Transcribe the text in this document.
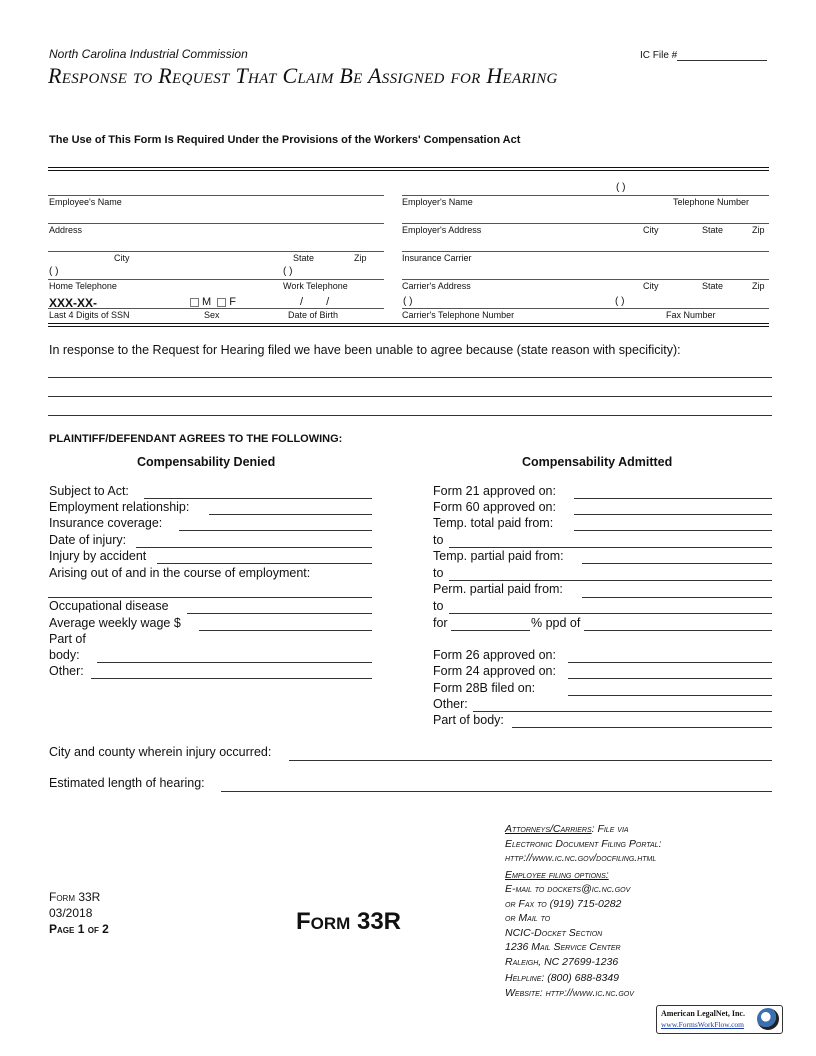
North Carolina Industrial Commission
Response to Request That Claim Be Assigned for Hearing
IC File #
The Use of This Form Is Required Under the Provisions of the Workers' Compensation Act
Employee's Name
Address
City	State	Zip
( )	( )
Home Telephone	Work Telephone
XXX-XX-	M F	/ /
Last 4 Digits of SSN	Sex	Date of Birth
( )
Employer's Name	Telephone Number
Employer's Address	City	State	Zip
Insurance Carrier
Carrier's Address	City	State	Zip
( )	( )
Carrier's Telephone Number	Fax Number
In response to the Request for Hearing filed we have been unable to agree because (state reason with specificity):
PLAINTIFF/DEFENDANT AGREES TO THE FOLLOWING:
Compensability Denied	Compensability Admitted
Subject to Act:
Employment relationship:
Insurance coverage:
Date of injury:
Injury by accident
Arising out of and in the course of employment:
Occupational disease
Average weekly wage $
Part of
body:
Other:
Form 21 approved on:
Form 60 approved on:
Temp. total paid from:
to
Temp. partial paid from:
to
Perm. partial paid from:
to
for	% ppd of
Form 26 approved on:
Form 24 approved on:
Form 28B filed on:
Other:
Part of body:
City and county wherein injury occurred:
Estimated length of hearing:
Form 33R
03/2018
Page 1 of 2	Form 33R
Attorneys/Carriers: File via
Electronic Document Filing Portal:
http://www.ic.nc.gov/docfiling.html
Employee filing options:
E-mail to dockets@ic.nc.gov
or Fax to (919) 715-0282
or Mail to
NCIC-Docket Section
1236 Mail Service Center
Raleigh, NC 27699-1236
Helpline: (800) 688-8349
Website: http://www.ic.nc.gov
American LegalNet, Inc.
www.FormsWorkFlow.com
